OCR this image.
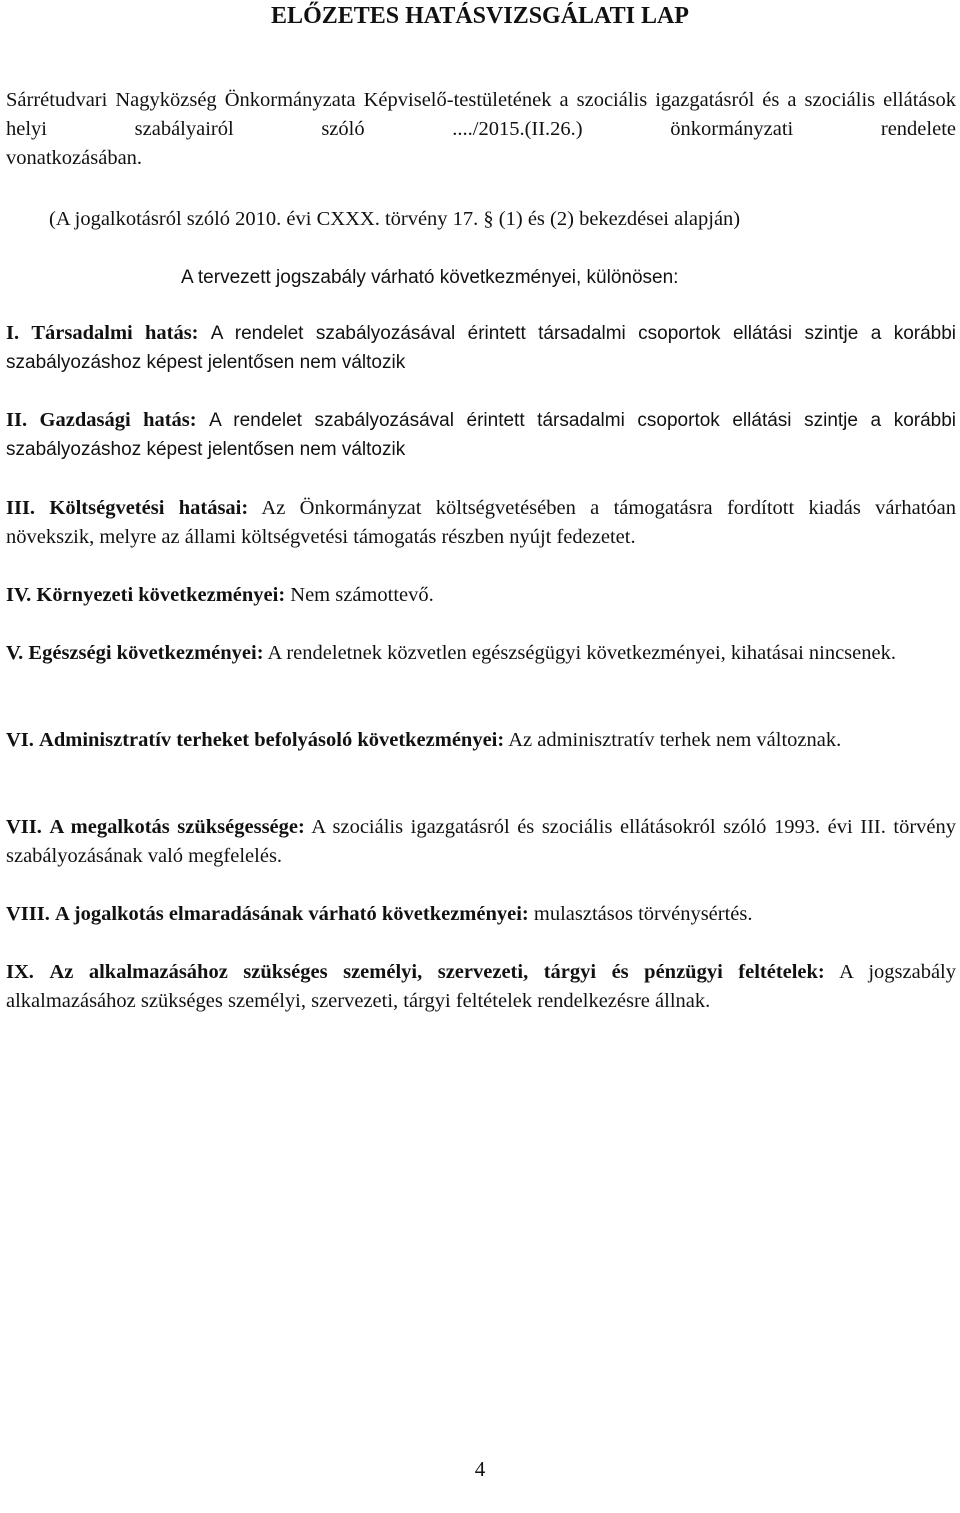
ELŐZETES HATÁSVIZSGÁLATI LAP

Sárrétudvari Nagyközség Önkormányzata Képviselő-testületének a szociális igazgatásról és a szociális ellátások helyi szabályairól szóló ..../2015.(II.26.) önkormányzati rendelete

vonatkozásában.
(A jogalkotásról szóló 2010. évi CXXX. törvény 17. § (1) és (2) bekezdései alapján)
A tervezett jogszabály várható következményei, különösen:

I. Társadalmi hatás: A rendelet szabályozásával érintett társadalmi csoportok ellátási szintje a korábbi szabályozáshoz képest jelentősen nem változik

II. Gazdasági hatás: A rendelet szabályozásával érintett társadalmi csoportok ellátási szintje a korábbi szabályozáshoz képest jelentősen nem változik

III. Költségvetési hatásai: Az Önkormányzat költségvetésében a támogatásra fordított kiadás várhatóan növekszik, melyre az állami költségvetési támogatás részben nyújt fedezetet.

IV. Környezeti következményei: Nem számottevő.

V. Egészségi következményei: A rendeletnek közvetlen egészségügyi következményei, kihatásai nincsenek.

VI. Adminisztratív terheket befolyásoló következményei: Az adminisztratív terhek nem változnak.

VII. A megalkotás szükségessége: A szociális igazgatásról és szociális ellátásokról szóló 1993. évi III. törvény szabályozásának való megfelelés.

VIII. A jogalkotás elmaradásának várható következményei: mulasztásos törvénysértés.

IX. Az alkalmazásához szükséges személyi, szervezeti, tárgyi és pénzügyi feltételek: A jogszabály alkalmazásához szükséges személyi, szervezeti, tárgyi feltételek rendelkezésre állnak.

4
